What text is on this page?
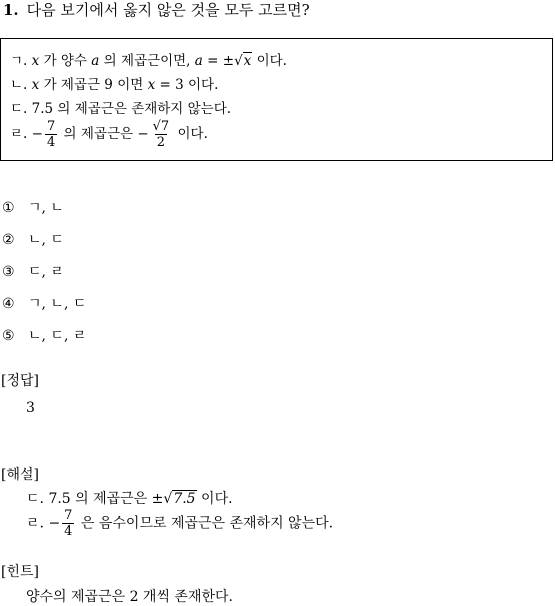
1. 다음 보기에서 옳지 않은 것을 모두 고르면?
ㄱ. x 가 양수 a 의 제곱근이면, a = ±√x 이다.
ㄴ. x 가 제곱근 9 이면 x = 3 이다.
ㄷ. 7.5 의 제곱근은 존재하지 않는다.
ㄹ. − $\frac{7}{4}$ 의 제곱근은 − $\frac{√7}{2}$ 이다.
① ㄱ, ㄴ
② ㄴ, ㄷ
③ ㄷ, ㄹ
④ ㄱ, ㄴ, ㄷ
⑤ ㄴ, ㄷ, ㄹ
[정답]
3
[해설]
ㄷ. 7.5 의 제곱근은 ±√7.5 이다.
ㄹ. − $\frac{7}{4}$ 은 음수이므로 제곱근은 존재하지 않는다.
[힌트]
양수의 제곱근은 2 개씩 존재한다.
